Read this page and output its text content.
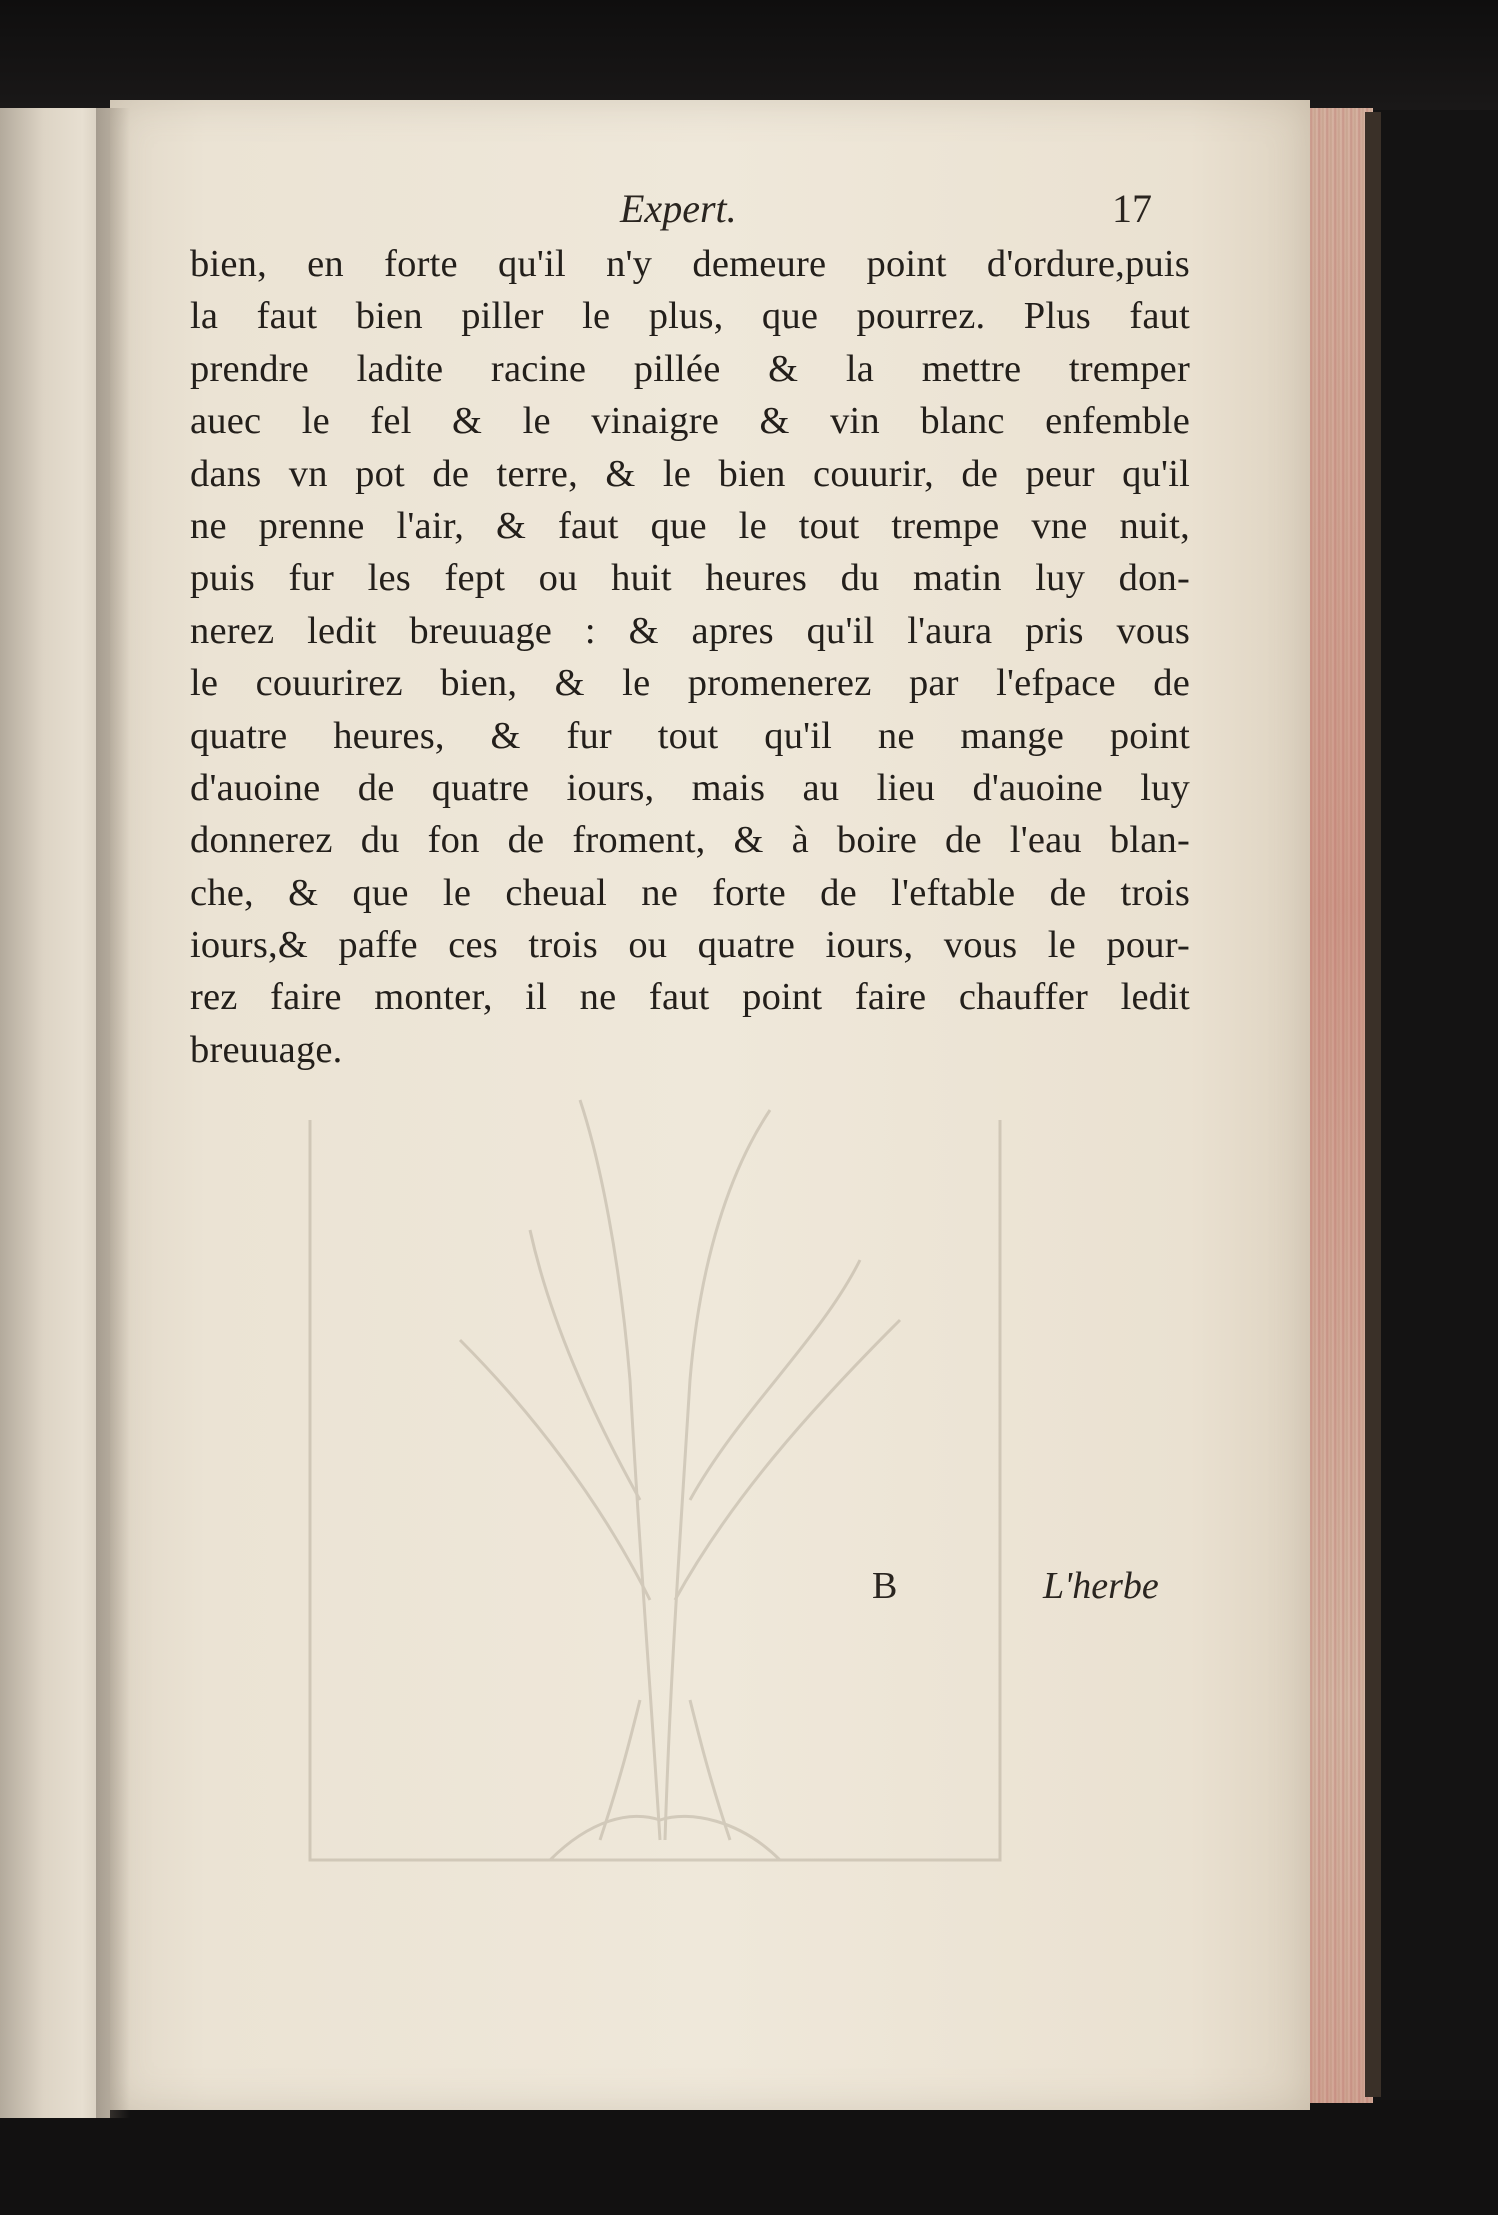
Expert.	17
bien, en forte qu'il n'y demeure point d'ordure,puis
la faut bien piller le plus, que pourrez. Plus faut
prendre ladite racine pillée & la mettre tremper
auec le fel & le vinaigre & vin blanc enfemble
dans vn pot de terre, & le bien couurir, de peur qu'il
ne prenne l'air, & faut que le tout trempe vne nuit,
puis fur les fept ou huit heures du matin luy don-
nerez ledit breuuage : & apres qu'il l'aura pris vous
le couurirez bien, & le promenerez par l'efpace de
quatre heures, & fur tout qu'il ne mange point
d'auoine de quatre iours, mais au lieu d'auoine luy
donnerez du fon de froment, & à boire de l'eau blan-
che, & que le cheual ne forte de l'eftable de trois
iours,& paffe ces trois ou quatre iours, vous le pour-
rez faire monter, il ne faut point faire chauffer ledit
breuuage.
B	L'herbe
